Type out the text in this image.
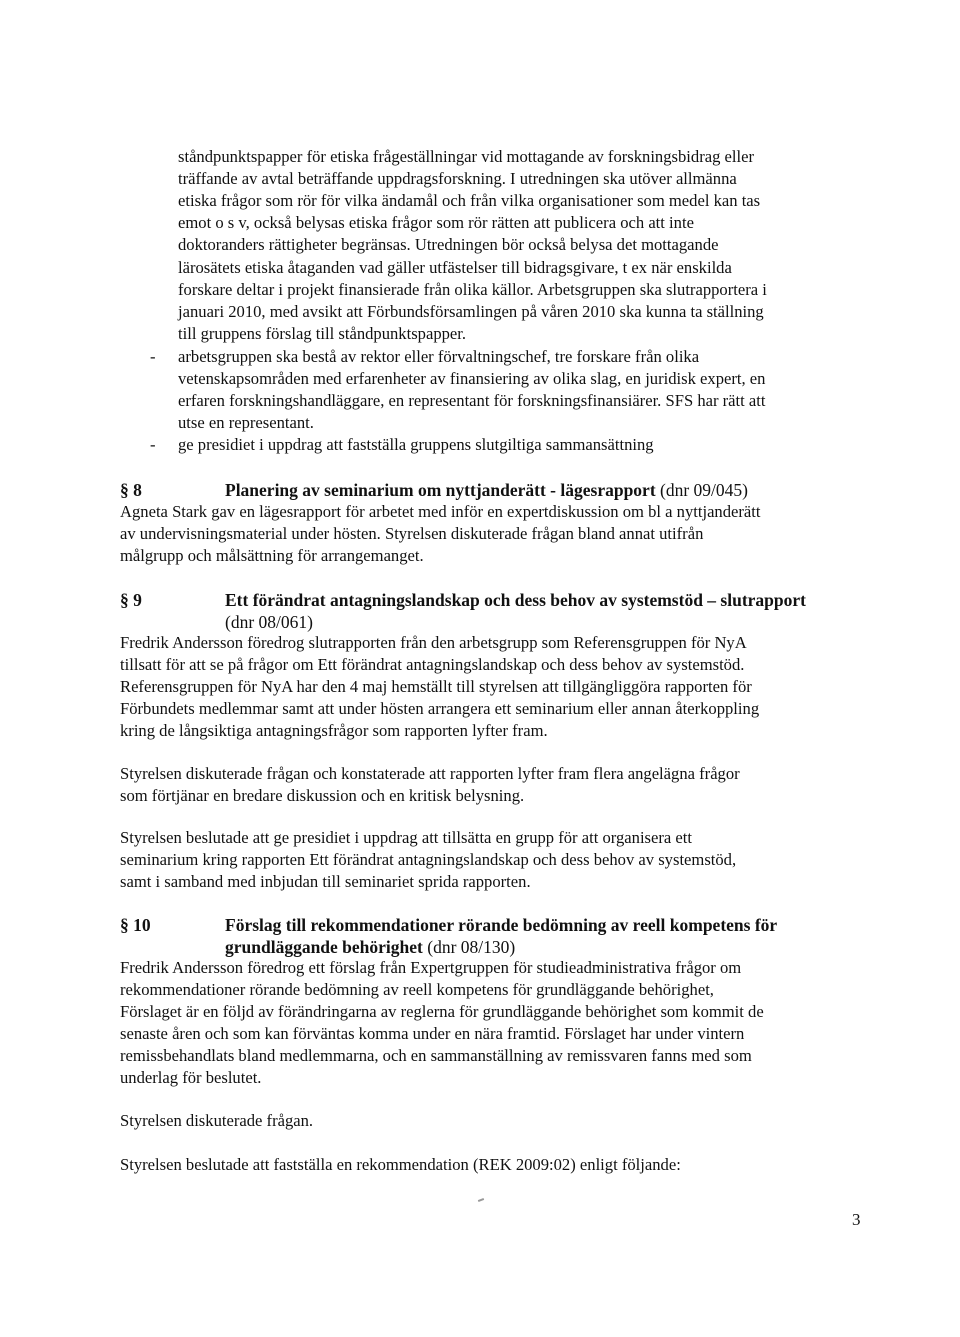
ståndpunktspapper för etiska frågeställningar vid mottagande av forskningsbidrag eller

träffande av avtal beträffande uppdragsforskning. I utredningen ska utöver allmänna

etiska frågor som rör för vilka ändamål och från vilka organisationer som medel kan tas

emot o s v, också belysas etiska frågor som rör rätten att publicera och att inte

doktoranders rättigheter begränsas. Utredningen bör också belysa det mottagande

lärosätets etiska åtaganden vad gäller utfästelser till bidragsgivare, t ex när enskilda

forskare deltar i projekt finansierade från olika källor. Arbetsgruppen ska slutrapportera i

januari 2010, med avsikt att Förbundsförsamlingen på våren 2010 ska kunna ta ställning

till gruppens förslag till ståndpunktspapper.

- arbetsgruppen ska bestå av rektor eller förvaltningschef, tre forskare från olika

vetenskapsområden med erfarenheter av finansiering av olika slag, en juridisk expert, en

erfaren forskningshandläggare, en representant för forskningsfinansiärer. SFS har rätt att

utse en representant.

- ge presidiet i uppdrag att fastställa gruppens slutgiltiga sammansättning

§ 8	Planering av seminarium om nyttjanderätt - lägesrapport (dnr 09/045)

Agneta Stark gav en lägesrapport för arbetet med inför en expertdiskussion om bl a nyttjanderätt

av undervisningsmaterial under hösten. Styrelsen diskuterade frågan bland annat utifrån

målgrupp och målsättning för arrangemanget.

§ 9	Ett förändrat antagningslandskap och dess behov av systemstöd – slutrapport
(dnr 08/061)

Fredrik Andersson föredrog slutrapporten från den arbetsgrupp som Referensgruppen för NyA

tillsatt för att se på frågor om Ett förändrat antagningslandskap och dess behov av systemstöd.

Referensgruppen för NyA har den 4 maj hemställt till styrelsen att tillgängliggöra rapporten för

Förbundets medlemmar samt att under hösten arrangera ett seminarium eller annan återkoppling

kring de långsiktiga antagningsfrågor som rapporten lyfter fram.

Styrelsen diskuterade frågan och konstaterade att rapporten lyfter fram flera angelägna frågor

som förtjänar en bredare diskussion och en kritisk belysning.

Styrelsen beslutade att ge presidiet i uppdrag att tillsätta en grupp för att organisera ett

seminarium kring rapporten Ett förändrat antagningslandskap och dess behov av systemstöd,

samt i samband med inbjudan till seminariet sprida rapporten.

§ 10	Förslag till rekommendationer rörande bedömning av reell kompetens för
grundläggande behörighet (dnr 08/130)

Fredrik Andersson föredrog ett förslag från Expertgruppen för studieadministrativa frågor om

rekommendationer rörande bedömning av reell kompetens för grundläggande behörighet,

Förslaget är en följd av förändringarna av reglerna för grundläggande behörighet som kommit de

senaste åren och som kan förväntas komma under en nära framtid. Förslaget har under vintern

remissbehandlats bland medlemmarna, och en sammanställning av remissvaren fanns med som

underlag för beslutet.

Styrelsen diskuterade frågan.

Styrelsen beslutade att fastställa en rekommendation (REK 2009:02) enligt följande:

3
